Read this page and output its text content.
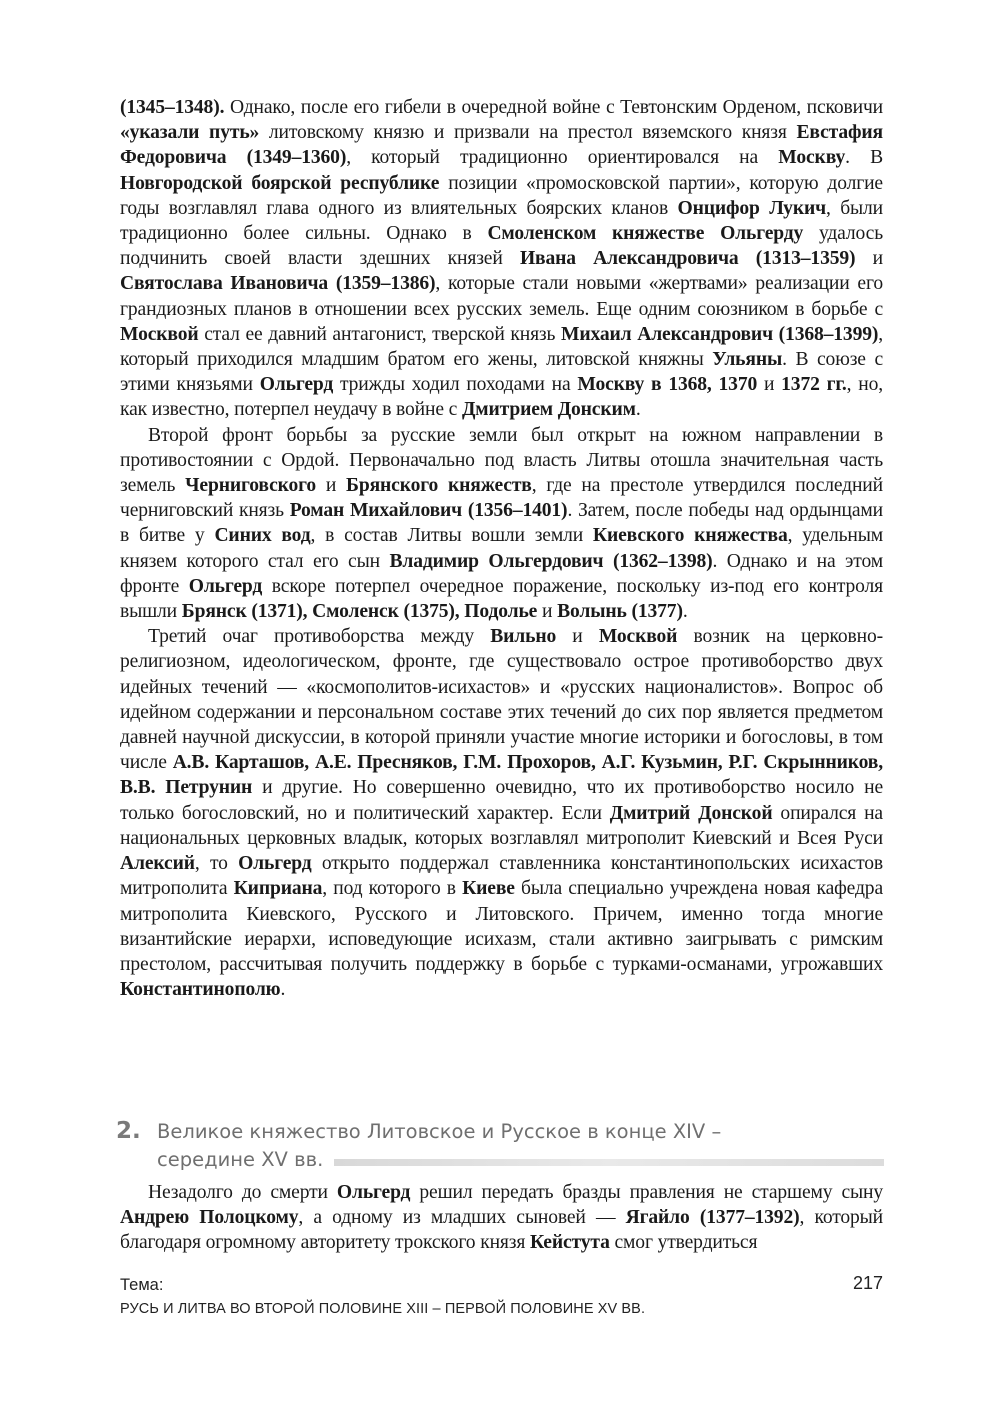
(1345–1348). Однако, после его гибели в очередной войне с Тевтонским Орденом, псковичи «указали путь» литовскому князю и призвали на престол вяземского князя Евстафия Федоровича (1349–1360), который традиционно ориентировался на Москву. В Новгородской боярской республике позиции «промосковской партии», которую долгие годы возглавлял глава одного из влиятельных боярских кланов Онцифор Лукич, были традиционно более сильны. Однако в Смоленском княжестве Ольгерду удалось подчинить своей власти здешних князей Ивана Александровича (1313–1359) и Святослава Ивановича (1359–1386), которые стали новыми «жертвами» реализации его грандиозных планов в отношении всех русских земель. Еще одним союзником в борьбе с Москвой стал ее давний антагонист, тверской князь Михаил Александрович (1368–1399), который приходился младшим братом его жены, литовской княжны Ульяны. В союзе с этими князьями Ольгерд трижды ходил походами на Москву в 1368, 1370 и 1372 гг., но, как известно, потерпел неудачу в войне с Дмитрием Донским.

Второй фронт борьбы за русские земли был открыт на южном направлении в противостоянии с Ордой. Первоначально под власть Литвы отошла значительная часть земель Черниговского и Брянского княжеств, где на престоле утвердился последний черниговский князь Роман Михайлович (1356–1401). Затем, после победы над ордынцами в битве у Синих вод, в состав Литвы вошли земли Киевского княжества, удельным князем которого стал его сын Владимир Ольгердович (1362–1398). Однако и на этом фронте Ольгерд вскоре потерпел очередное поражение, поскольку из-под его контроля вышли Брянск (1371), Смоленск (1375), Подолье и Волынь (1377).

Третий очаг противоборства между Вильно и Москвой возник на церковно-религиозном, идеологическом, фронте, где существовало острое противоборство двух идейных течений — «космополитов-исихастов» и «русских националистов». Вопрос об идейном содержании и персональном составе этих течений до сих пор является предметом давней научной дискуссии, в которой приняли участие многие историки и богословы, в том числе А.В. Карташов, А.Е. Пресняков, Г.М. Прохоров, А.Г. Кузьмин, Р.Г. Скрынников, В.В. Петрунин и другие. Но совершенно очевидно, что их противоборство носило не только богословский, но и политический характер. Если Дмитрий Донской опирался на национальных церковных владык, которых возглавлял митрополит Киевский и Всея Руси Алексий, то Ольгерд открыто поддержал ставленника константинопольских исихастов митрополита Киприана, под которого в Киеве была специально учреждена новая кафедра митрополита Киевского, Русского и Литовского. Причем, именно тогда многие византийские иерархи, исповедующие исихазм, стали активно заигрывать с римским престолом, рассчитывая получить поддержку в борьбе с турками-османами, угрожавших Константинополю.

2. Великое княжество Литовское и Русское в конце XIV –
середине XV вв.

Незадолго до смерти Ольгерд решил передать бразды правления не старшему сыну Андрею Полоцкому, а одному из младших сыновей — Ягайло (1377–1392), который благодаря огромному авторитету трокского князя Кейстута смог утвердиться

Тема:
РУСЬ И ЛИТВА ВО ВТОРОЙ ПОЛОВИНЕ XIII – ПЕРВОЙ ПОЛОВИНЕ XV ВВ.
217
